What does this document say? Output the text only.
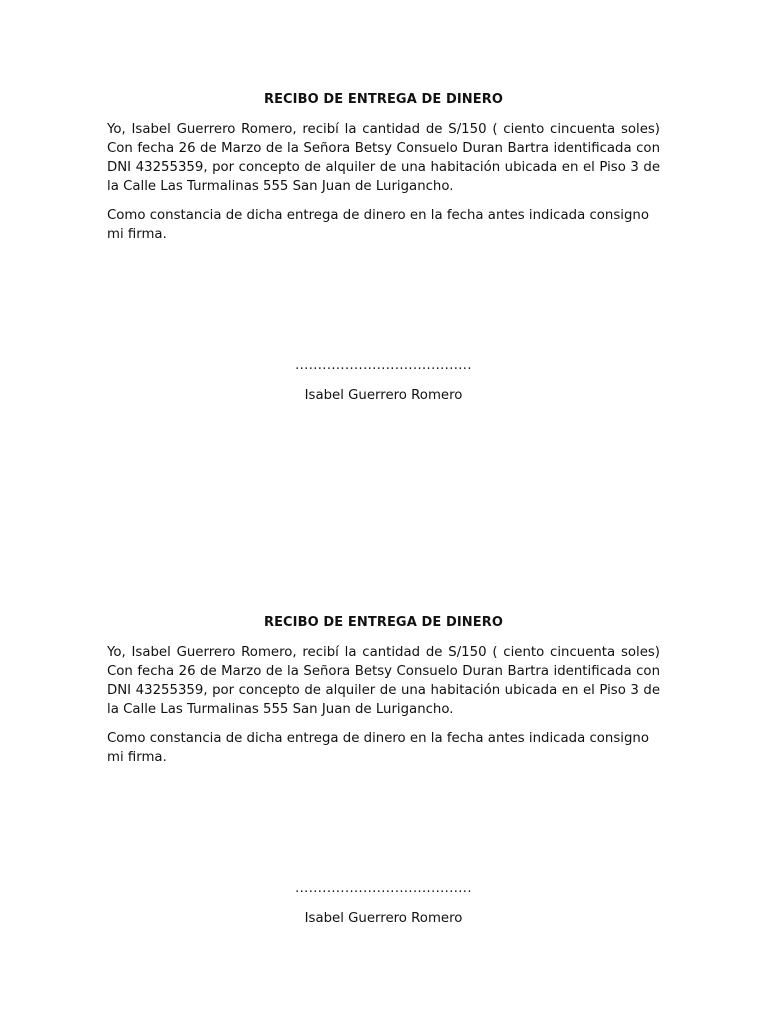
RECIBO DE ENTREGA DE DINERO

Yo, Isabel Guerrero Romero, recibí la cantidad de S/150 ( ciento cincuenta soles) Con fecha 26 de Marzo de la Señora Betsy Consuelo Duran Bartra identificada con DNI 43255359, por concepto de alquiler de una habitación ubicada en el Piso 3 de la Calle Las Turmalinas 555 San Juan de Lurigancho.

Como constancia de dicha entrega de dinero en la fecha antes indicada consigno mi firma.

.......................................

Isabel Guerrero Romero

RECIBO DE ENTREGA DE DINERO

Yo, Isabel Guerrero Romero, recibí la cantidad de S/150 ( ciento cincuenta soles) Con fecha 26 de Marzo de la Señora Betsy Consuelo Duran Bartra identificada con DNI 43255359, por concepto de alquiler de una habitación ubicada en el Piso 3 de la Calle Las Turmalinas 555 San Juan de Lurigancho.

Como constancia de dicha entrega de dinero en la fecha antes indicada consigno mi firma.

.......................................

Isabel Guerrero Romero
